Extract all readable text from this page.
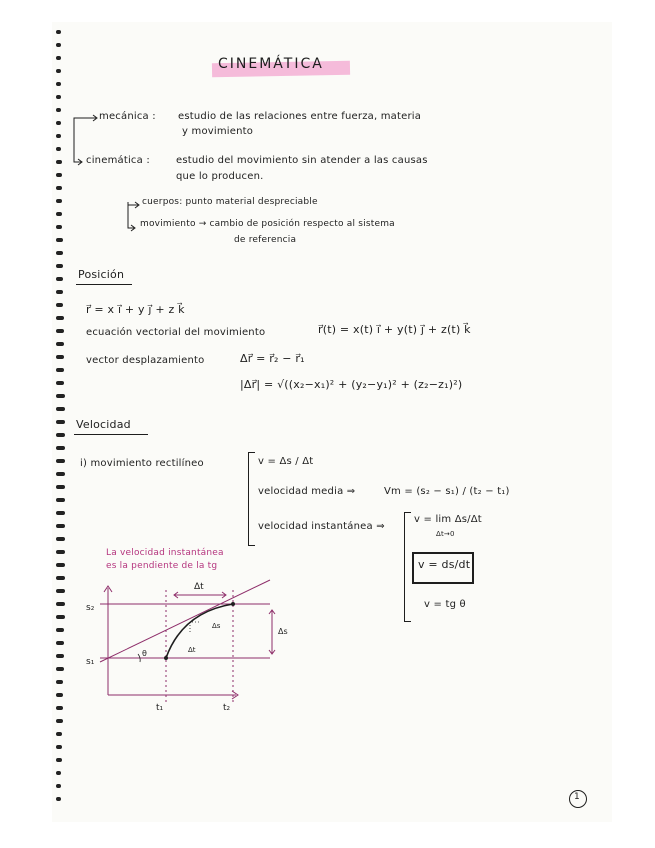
CINEMÁTICA
mecánica : estudio de las relaciones entre fuerza, materia
y movimiento
cinemática :	estudio del movimiento sin atender a las causas
que lo producen.
cuerpos: punto material despreciable
movimiento → cambio de posición respecto al sistema
de referencia
Posición
r⃗ = x i⃗ + y j⃗ + z k⃗
ecuación vectorial del movimiento	r⃗(t) = x(t) i⃗ + y(t) j⃗ + z(t) k⃗
vector desplazamiento	Δr⃗ = r⃗₂ − r⃗₁
|Δr⃗| = √((x₂−x₁)² + (y₂−y₁)² + (z₂−z₁)²)
Velocidad
i) movimiento rectilíneo	v = Δs / Δt
velocidad media ⇒	Vm = (s₂ − s₁) / (t₂ − t₁)
velocidad instantánea ⇒
v = lim Δs/Δt
Δt→0
v = ds/dt
v = tg θ
La velocidad instantánea
es la pendiente de la tg
s₂
s₁
t₁	t₂
Δt
Δs
Δt
Δs
θ
1
